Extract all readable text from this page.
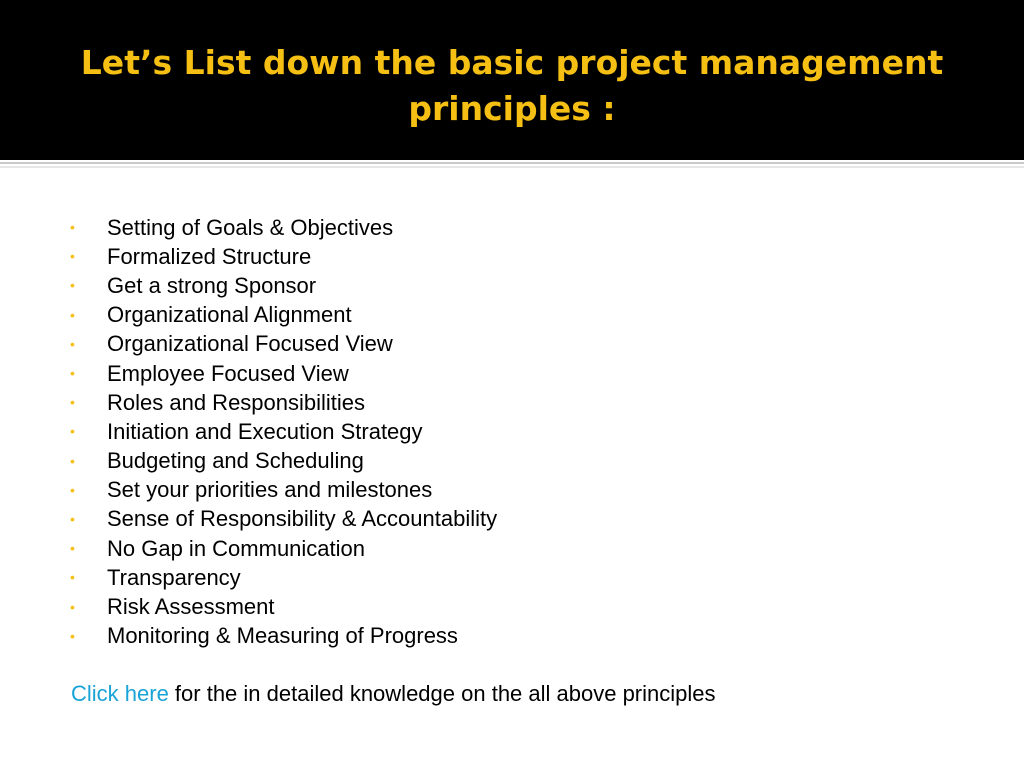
Let’s List down the basic project management principles :
•	Setting of Goals & Objectives
•	Formalized Structure
•	Get a strong Sponsor
•	Organizational Alignment
•	Organizational Focused View
•	Employee Focused View
•	Roles and Responsibilities
•	Initiation and Execution Strategy
•	Budgeting and Scheduling
•	Set your priorities and milestones
•	Sense of Responsibility & Accountability
•	No Gap in Communication
•	Transparency
•	Risk Assessment
•	Monitoring & Measuring of Progress
Click here for the in detailed knowledge on the all above principles
